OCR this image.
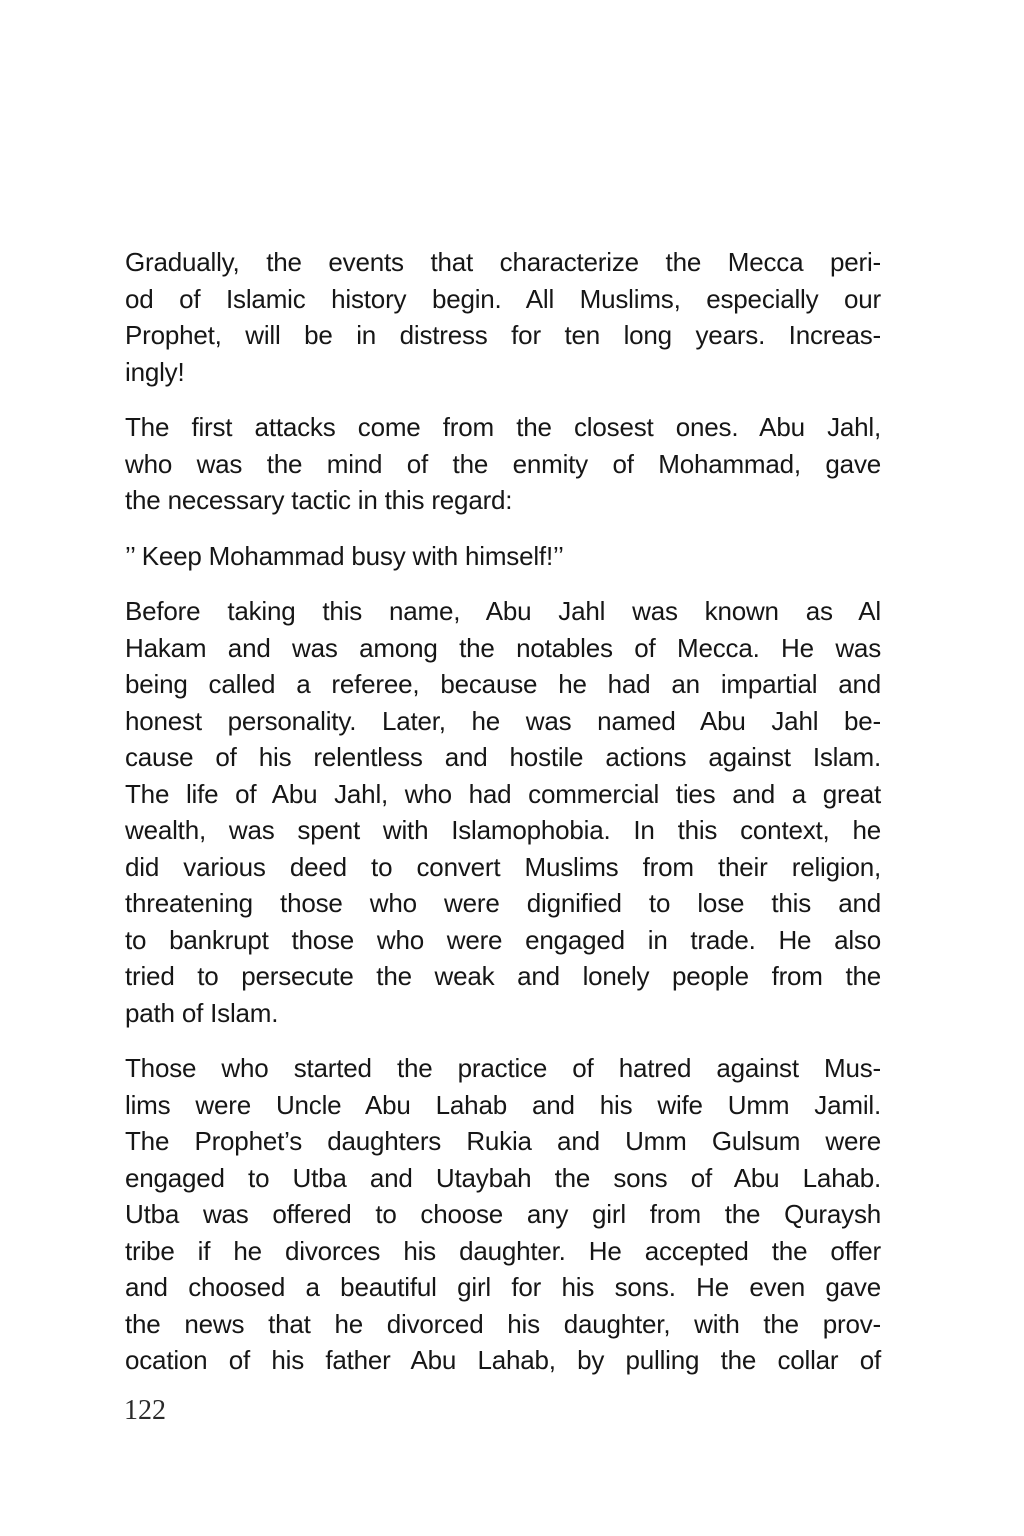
Gradually, the events that characterize the Mecca peri-
od of Islamic history begin. All Muslims, especially our
Prophet, will be in distress for ten long years. Increas-
ingly!
The first attacks come from the closest ones. Abu Jahl,
who was the mind of the enmity of Mohammad, gave
the necessary tactic in this regard:
’’ Keep Mohammad busy with himself!’’
Before taking this name, Abu Jahl was known as Al
Hakam and was among the notables of Mecca. He was
being called a referee, because he had an impartial and
honest personality. Later, he was named Abu Jahl be-
cause of his relentless and hostile actions against Islam.
The life of Abu Jahl, who had commercial ties and a great
wealth, was spent with Islamophobia. In this context, he
did various deed to convert Muslims from their religion,
threatening those who were dignified to lose this and
to bankrupt those who were engaged in trade. He also
tried to persecute the weak and lonely people from the
path of Islam.
Those who started the practice of hatred against Mus-
lims were Uncle Abu Lahab and his wife Umm Jamil.
The Prophet’s daughters Rukia and Umm Gulsum were
engaged to Utba and Utaybah the sons of Abu Lahab.
Utba was offered to choose any girl from the Quraysh
tribe if he divorces his daughter. He accepted the offer
and choosed a beautiful girl for his sons. He even gave
the news that he divorced his daughter, with the prov-
ocation of his father Abu Lahab, by pulling the collar of
122
